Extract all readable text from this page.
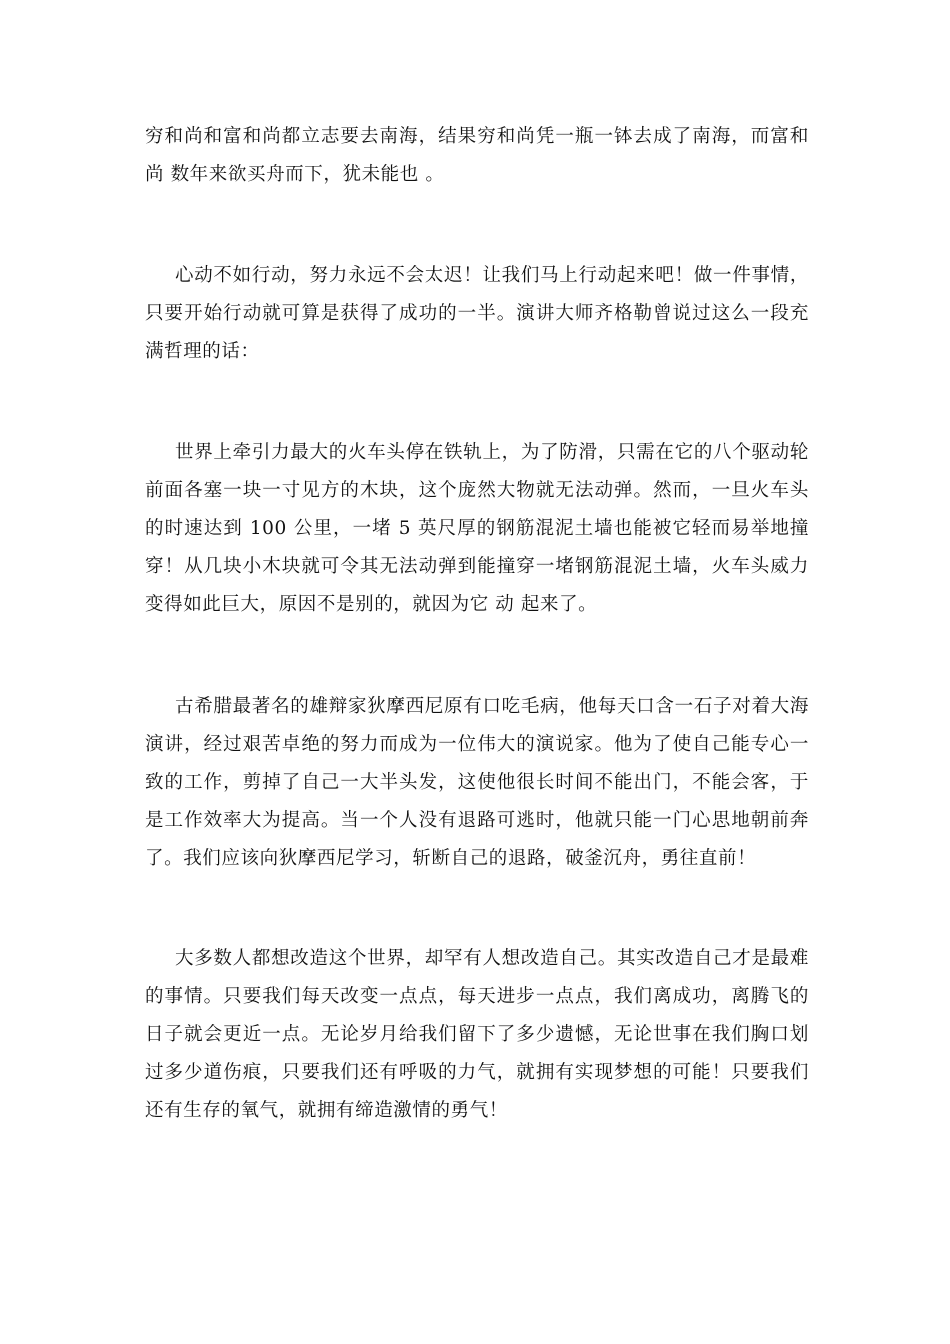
穷和尚和富和尚都立志要去南海，结果穷和尚凭一瓶一钵去成了南海，而富和尚 数年来欲买舟而下，犹未能也 。

心动不如行动，努力永远不会太迟！让我们马上行动起来吧！做一件事情，只要开始行动就可算是获得了成功的一半。演讲大师齐格勒曾说过这么一段充满哲理的话：

世界上牵引力最大的火车头停在铁轨上，为了防滑，只需在它的八个驱动轮前面各塞一块一寸见方的木块，这个庞然大物就无法动弹。然而，一旦火车头的时速达到 100 公里，一堵 5 英尺厚的钢筋混泥土墙也能被它轻而易举地撞穿！从几块小木块就可令其无法动弹到能撞穿一堵钢筋混泥土墙，火车头威力变得如此巨大，原因不是别的，就因为它 动 起来了。

古希腊最著名的雄辩家狄摩西尼原有口吃毛病，他每天口含一石子对着大海演讲，经过艰苦卓绝的努力而成为一位伟大的演说家。他为了使自己能专心一致的工作，剪掉了自己一大半头发，这使他很长时间不能出门，不能会客，于是工作效率大为提高。当一个人没有退路可逃时，他就只能一门心思地朝前奔了。我们应该向狄摩西尼学习，斩断自己的退路，破釜沉舟，勇往直前！

大多数人都想改造这个世界，却罕有人想改造自己。其实改造自己才是最难的事情。只要我们每天改变一点点，每天进步一点点，我们离成功，离腾飞的日子就会更近一点。无论岁月给我们留下了多少遗憾，无论世事在我们胸口划过多少道伤痕，只要我们还有呼吸的力气，就拥有实现梦想的可能！只要我们还有生存的氧气，就拥有缔造激情的勇气！
